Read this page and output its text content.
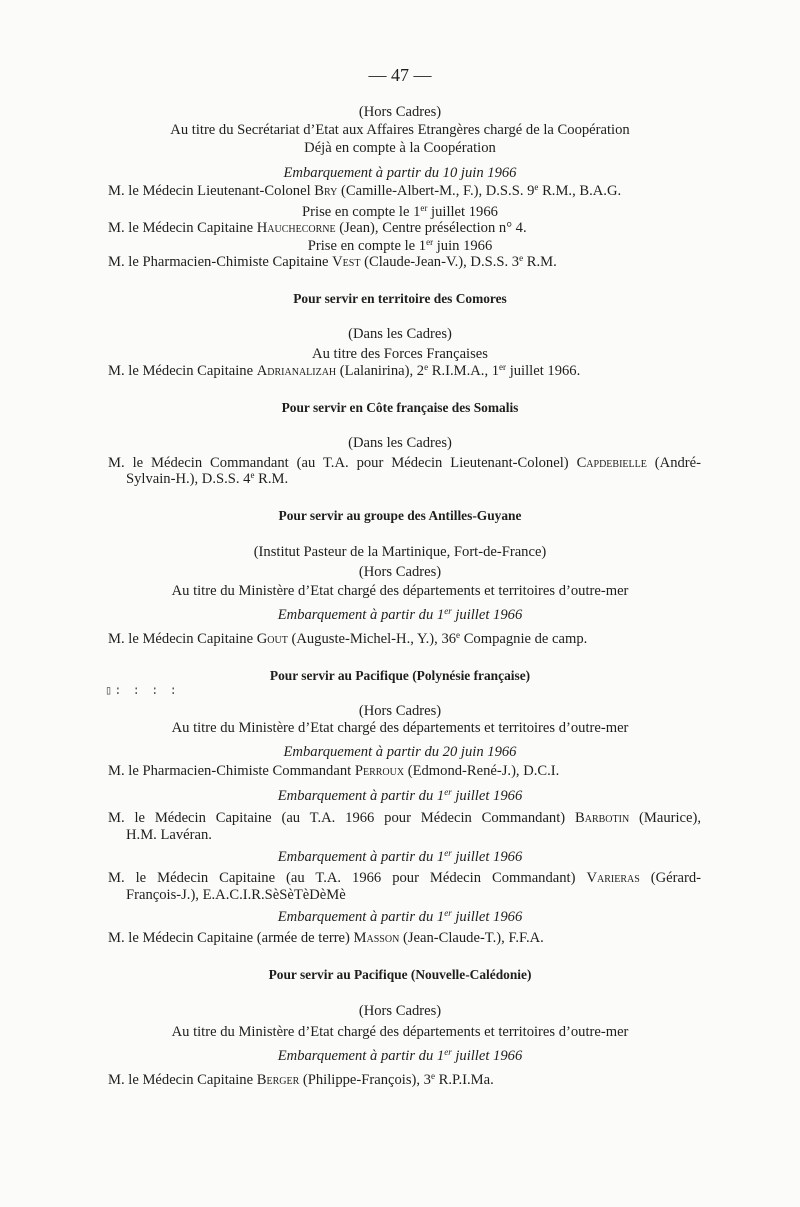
— 47 —
(Hors Cadres)
Au titre du Secrétariat d’Etat aux Affaires Etrangères chargé de la Coopération
Déjà en compte à la Coopération
Embarquement à partir du 10 juin 1966
M. le Médecin Lieutenant-Colonel Bry (Camille-Albert-M., F.), D.S.S. 9e R.M., B.A.G.
Prise en compte le 1er juillet 1966
M. le Médecin Capitaine Hauchecorne (Jean), Centre présélection n° 4.
Prise en compte le 1er juin 1966
M. le Pharmacien-Chimiste Capitaine Vest (Claude-Jean-V.), D.S.S. 3e R.M.
Pour servir en territoire des Comores
(Dans les Cadres)
Au titre des Forces Françaises
M. le Médecin Capitaine Adrianalizah (Lalanirina), 2e R.I.M.A., 1er juillet 1966.
Pour servir en Côte française des Somalis
(Dans les Cadres)
M. le Médecin Commandant (au T.A. pour Médecin Lieutenant-Colonel) Capdebielle (André-
Sylvain-H.), D.S.S. 4e R.M.
Pour servir au groupe des Antilles-Guyane
(Institut Pasteur de la Martinique, Fort-de-France)
(Hors Cadres)
Au titre du Ministère d’Etat chargé des départements et territoires d’outre-mer
Embarquement à partir du 1er juillet 1966
M. le Médecin Capitaine Gout (Auguste-Michel-H., Y.), 36e Compagnie de camp.
Pour servir au Pacifique (Polynésie française)
▯: : : :
(Hors Cadres)
Au titre du Ministère d’Etat chargé des départements et territoires d’outre-mer
Embarquement à partir du 20 juin 1966
M. le Pharmacien-Chimiste Commandant Perroux (Edmond-René-J.), D.C.I.
Embarquement à partir du 1er juillet 1966
M. le Médecin Capitaine (au T.A. 1966 pour Médecin Commandant) Barbotin (Maurice),
H.M. Lavéran.
Embarquement à partir du 1er juillet 1966
M. le Médecin Capitaine (au T.A. 1966 pour Médecin Commandant) Varieras (Gérard-
François-J.), E.A.C.I.R.SèSèTèDèMè
Embarquement à partir du 1er juillet 1966
M. le Médecin Capitaine (armée de terre) Masson (Jean-Claude-T.), F.F.A.
Pour servir au Pacifique (Nouvelle-Calédonie)
(Hors Cadres)
Au titre du Ministère d’Etat chargé des départements et territoires d’outre-mer
Embarquement à partir du 1er juillet 1966
M. le Médecin Capitaine Berger (Philippe-François), 3e R.P.I.Ma.
